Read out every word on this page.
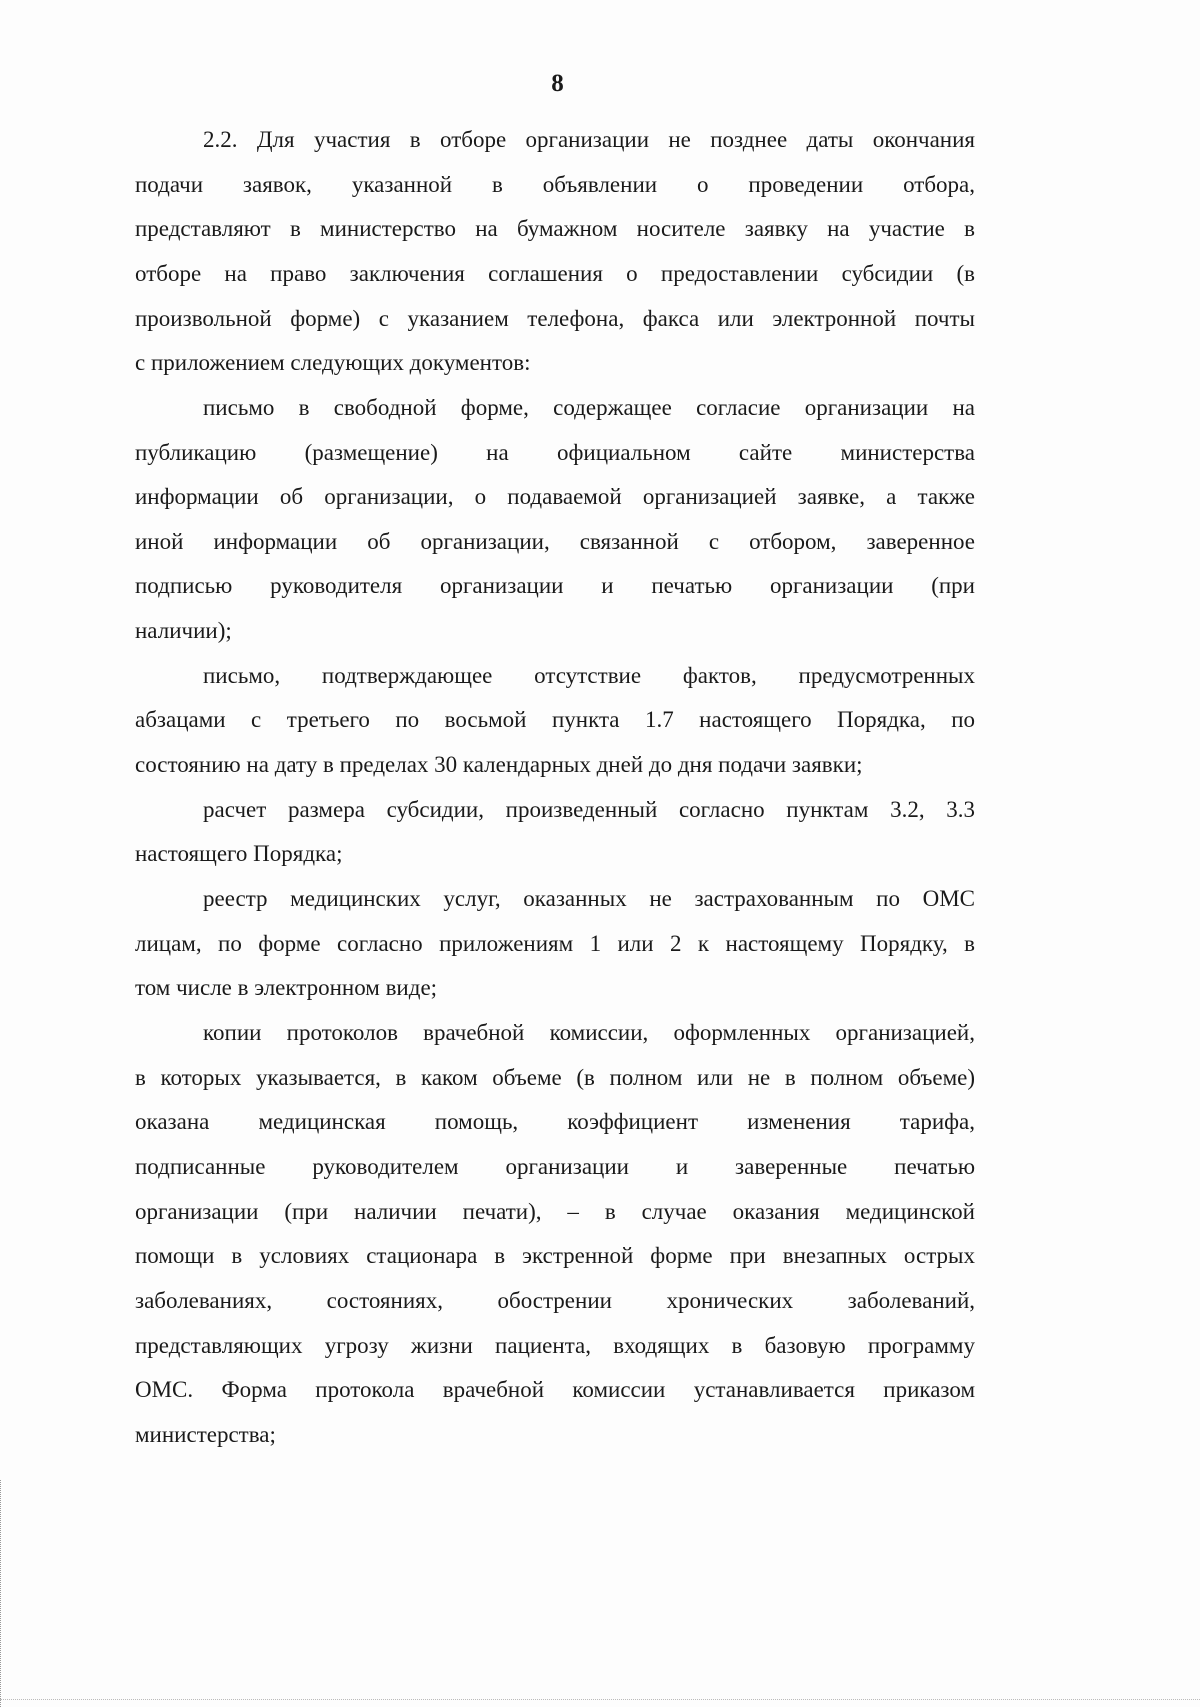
8
2.2. Для участия в отборе организации не позднее даты окончания
подачи заявок, указанной в объявлении о проведении отбора,
представляют в министерство на бумажном носителе заявку на участие в
отборе на право заключения соглашения о предоставлении субсидии (в
произвольной форме) с указанием телефона, факса или электронной почты
с приложением следующих документов:
письмо в свободной форме, содержащее согласие организации на
публикацию (размещение) на официальном сайте министерства
информации об организации, о подаваемой организацией заявке, а также
иной информации об организации, связанной с отбором, заверенное
подписью руководителя организации и печатью организации (при
наличии);
письмо, подтверждающее отсутствие фактов, предусмотренных
абзацами с третьего по восьмой пункта 1.7 настоящего Порядка, по
состоянию на дату в пределах 30 календарных дней до дня подачи заявки;
расчет размера субсидии, произведенный согласно пунктам 3.2, 3.3
настоящего Порядка;
реестр медицинских услуг, оказанных не застрахованным по ОМС
лицам, по форме согласно приложениям 1 или 2 к настоящему Порядку, в
том числе в электронном виде;
копии протоколов врачебной комиссии, оформленных организацией,
в которых указывается, в каком объеме (в полном или не в полном объеме)
оказана медицинская помощь, коэффициент изменения тарифа,
подписанные руководителем организации и заверенные печатью
организации (при наличии печати), – в случае оказания медицинской
помощи в условиях стационара в экстренной форме при внезапных острых
заболеваниях, состояниях, обострении хронических заболеваний,
представляющих угрозу жизни пациента, входящих в базовую программу
ОМС. Форма протокола врачебной комиссии устанавливается приказом
министерства;
